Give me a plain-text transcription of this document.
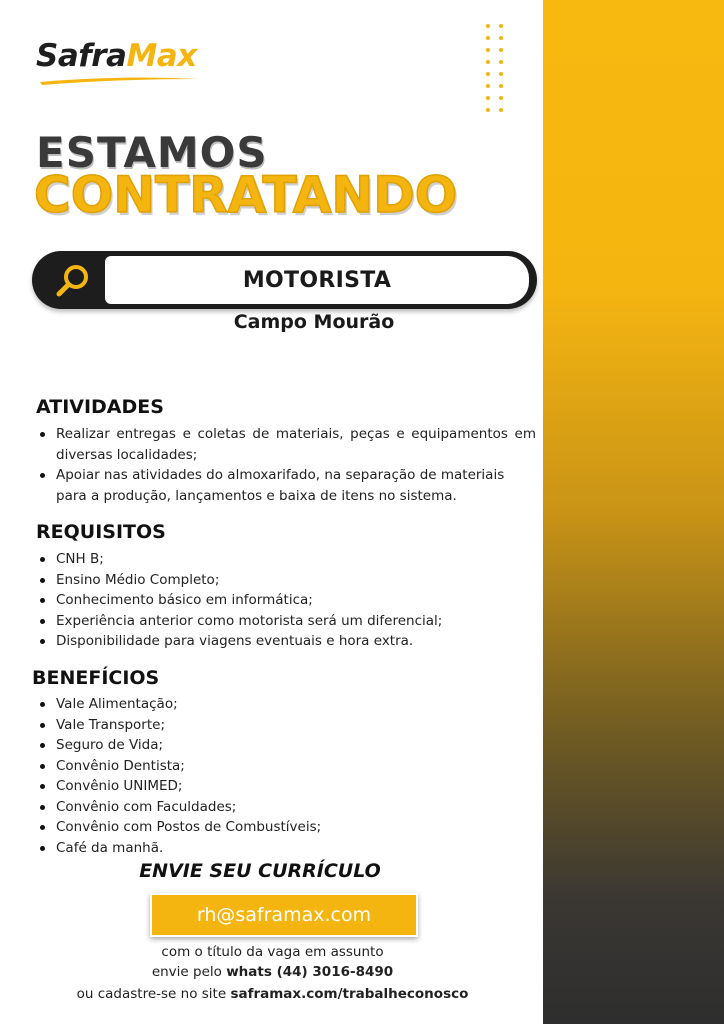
SafraMax
ESTAMOS
CONTRATANDO
MOTORISTA
Campo Mourão
ATIVIDADES
Realizar entregas e coletas de materiais, peças e equipamentos em diversas localidades;
Apoiar nas atividades do almoxarifado, na separação de materiais para a produção, lançamentos e baixa de itens no sistema.
REQUISITOS
CNH B;
Ensino Médio Completo;
Conhecimento básico em informática;
Experiência anterior como motorista será um diferencial;
Disponibilidade para viagens eventuais e hora extra.
BENEFÍCIOS
Vale Alimentação;
Vale Transporte;
Seguro de Vida;
Convênio Dentista;
Convênio UNIMED;
Convênio com Faculdades;
Convênio com Postos de Combustíveis;
Café da manhã.
ENVIE SEU CURRÍCULO
rh@saframax.com
com o título da vaga em assunto
envie pelo whats (44) 3016-8490
ou cadastre-se no site saframax.com/trabalheconosco
